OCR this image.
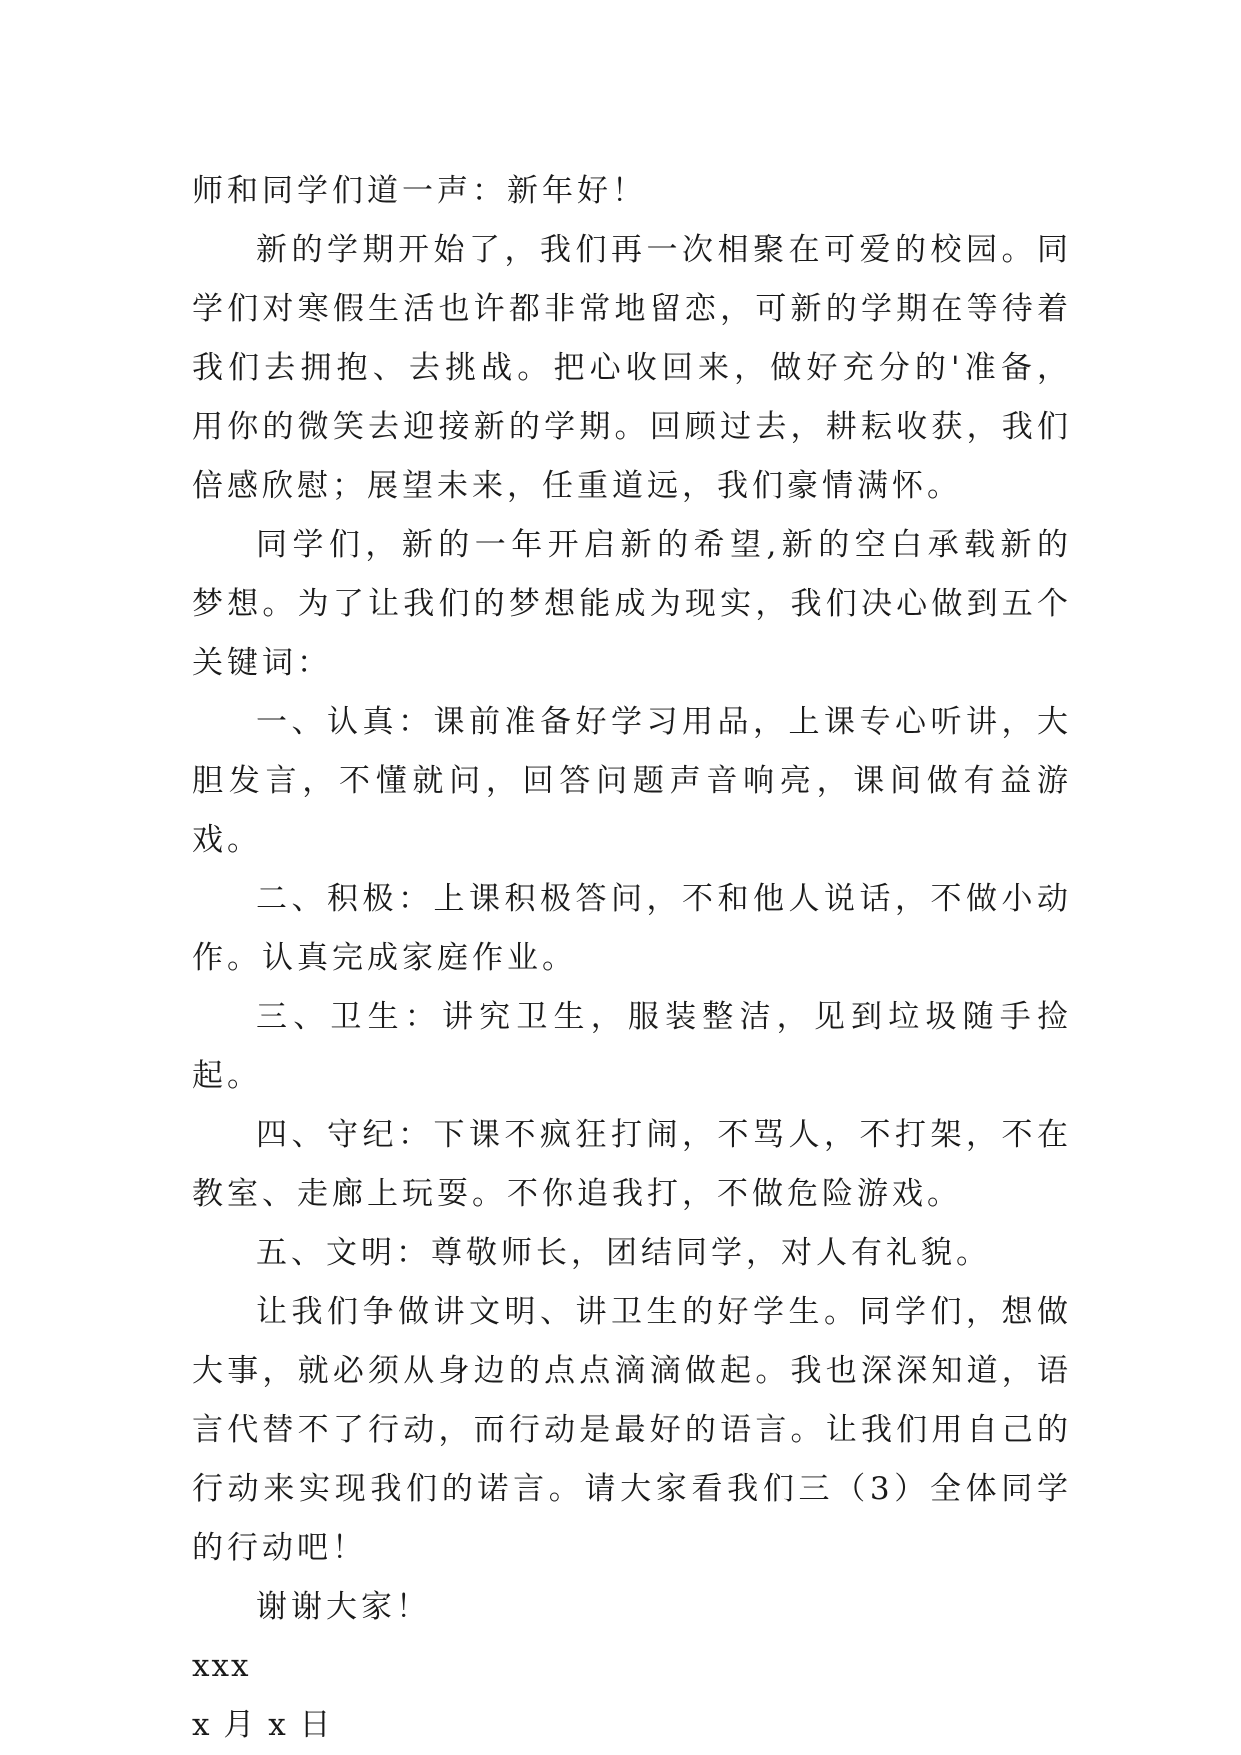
师和同学们道一声：新年好！

新的学期开始了，我们再一次相聚在可爱的校园。同学们对寒假生活也许都非常地留恋，可新的学期在等待着我们去拥抱、去挑战。把心收回来，做好充分的'准备，用你的微笑去迎接新的学期。回顾过去，耕耘收获，我们倍感欣慰；展望未来，任重道远，我们豪情满怀。

同学们，新的一年开启新的希望,新的空白承载新的梦想。为了让我们的梦想能成为现实，我们决心做到五个关键词：

一、认真：课前准备好学习用品，上课专心听讲，大胆发言，不懂就问，回答问题声音响亮，课间做有益游戏。

二、积极：上课积极答问，不和他人说话，不做小动作。认真完成家庭作业。

三、卫生：讲究卫生，服装整洁，见到垃圾随手捡起。

四、守纪：下课不疯狂打闹，不骂人，不打架，不在教室、走廊上玩耍。不你追我打，不做危险游戏。

五、文明：尊敬师长，团结同学，对人有礼貌。

让我们争做讲文明、讲卫生的好学生。同学们，想做大事，就必须从身边的点点滴滴做起。我也深深知道，语言代替不了行动，而行动是最好的语言。让我们用自己的行动来实现我们的诺言。请大家看我们三（3）全体同学的行动吧！

谢谢大家！

xxx

x 月 x 日
